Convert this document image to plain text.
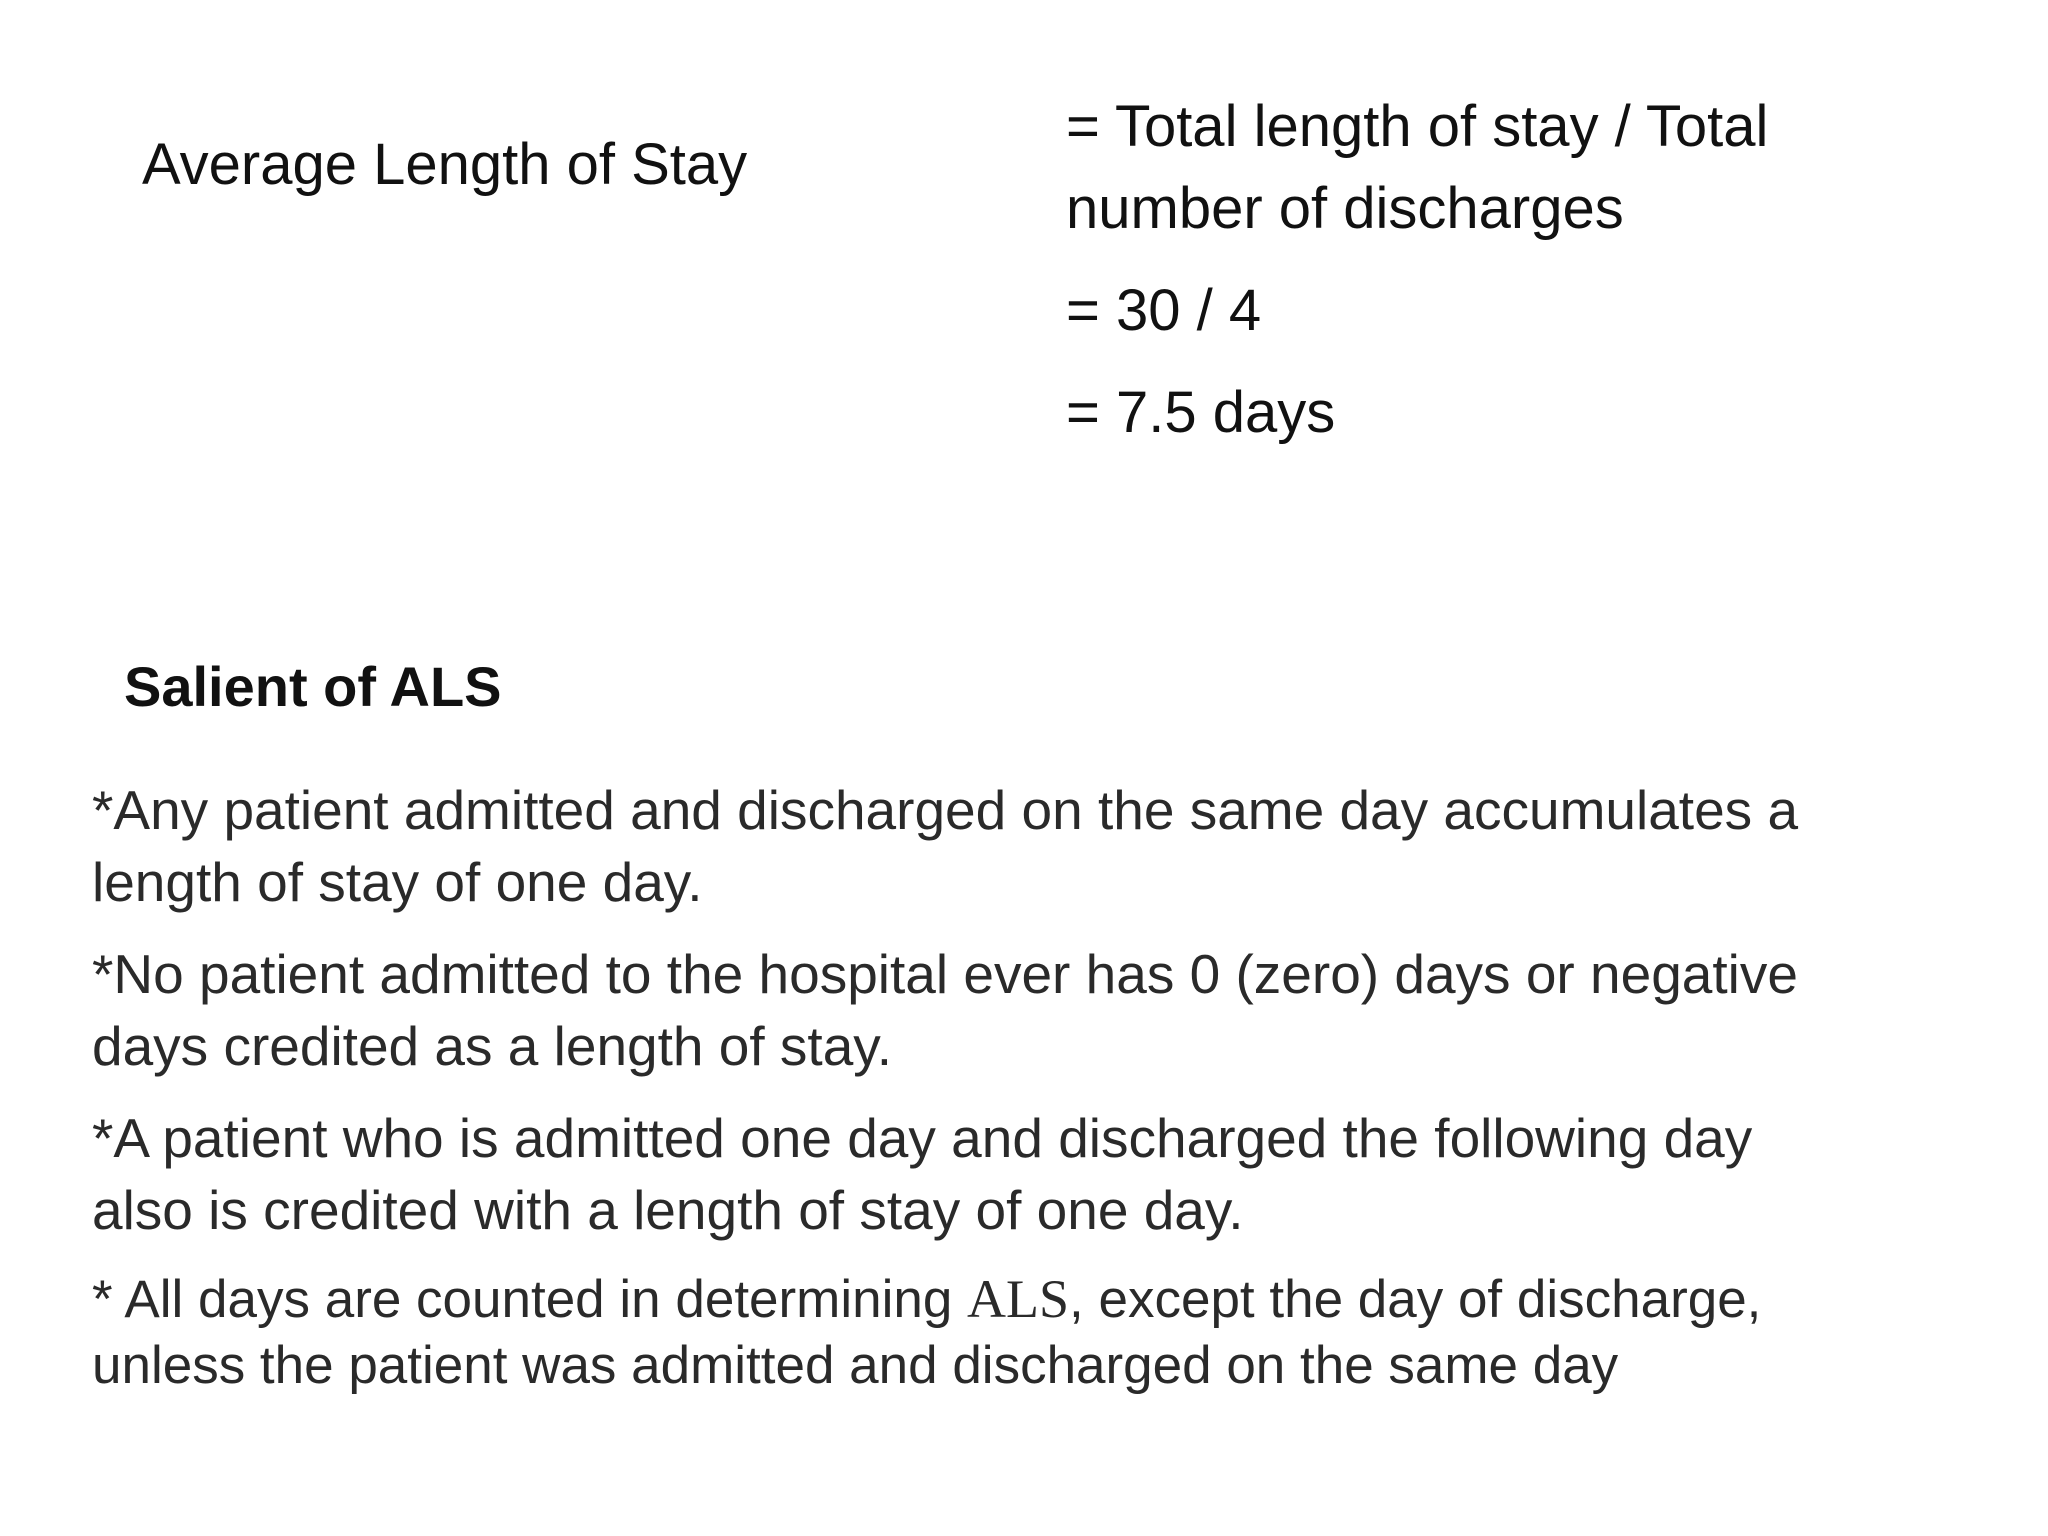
Average Length of Stay
= Total length of stay / Total
number of discharges
= 30 / 4
= 7.5 days
Salient of ALS
*Any patient admitted and discharged on the same day accumulates a
length of stay of one day.
*No patient admitted to the hospital ever has 0 (zero) days or negative
days credited as a length of stay.
*A patient who is admitted one day and discharged the following day
also is credited with a length of stay of one day.
* All days are counted in determining ALS, except the day of discharge,
unless the patient was admitted and discharged on the same day
